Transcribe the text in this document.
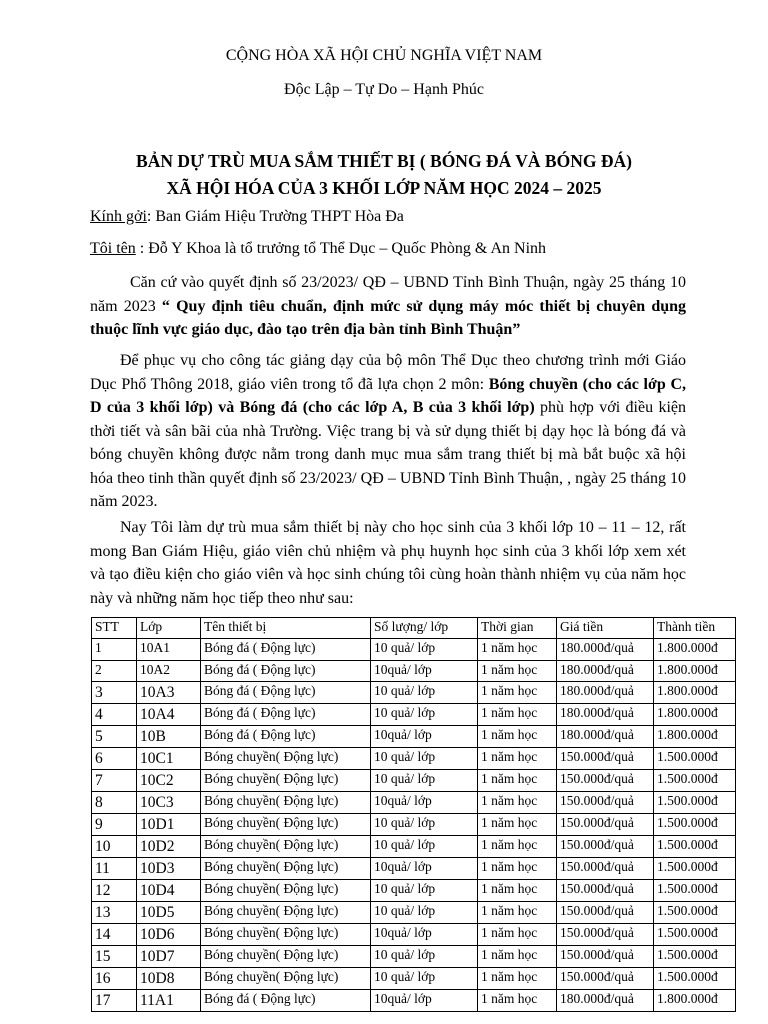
CỘNG HÒA XÃ HỘI CHỦ NGHĨA VIỆT NAM
Độc Lập – Tự Do – Hạnh Phúc
BẢN DỰ TRÙ MUA SẮM THIẾT BỊ ( BÓNG ĐÁ VÀ BÓNG ĐÁ)
XÃ HỘI HÓA CỦA 3 KHỐI LỚP NĂM HỌC 2024 – 2025
Kính gởi: Ban Giám Hiệu Trường THPT Hòa Đa
Tôi tên : Đỗ Y Khoa là tổ trưởng tổ Thể Dục – Quốc Phòng & An Ninh
Căn cứ vào quyết định số 23/2023/ QĐ – UBND Tỉnh Bình Thuận, ngày 25 tháng 10 năm 2023 “ Quy định tiêu chuẩn, định mức sử dụng máy móc thiết bị chuyên dụng thuộc lĩnh vực giáo dục, đào tạo trên địa bàn tỉnh Bình Thuận”
Để phục vụ cho công tác giảng dạy của bộ môn Thể Dục theo chương trình mới Giáo Dục Phổ Thông 2018, giáo viên trong tổ đã lựa chọn 2 môn: Bóng chuyền (cho các lớp C, D của 3 khối lớp) và Bóng đá (cho các lớp A, B của 3 khối lớp) phù hợp với điều kiện thời tiết và sân bãi của nhà Trường. Việc trang bị và sử dụng thiết bị dạy học là bóng đá và bóng chuyền không được nằm trong danh mục mua sắm trang thiết bị mà bắt buộc xã hội hóa theo tinh thần quyết định số 23/2023/ QĐ – UBND Tỉnh Bình Thuận, , ngày 25 tháng 10 năm 2023.
Nay Tôi làm dự trù mua sắm thiết bị này cho học sinh của 3 khối lớp 10 – 11 – 12, rất mong Ban Giám Hiệu, giáo viên chủ nhiệm và phụ huynh học sinh của 3 khối lớp xem xét và tạo điều kiện cho giáo viên và học sinh chúng tôi cùng hoàn thành nhiệm vụ của năm học này và những năm học tiếp theo như sau:
STT	Lớp	Tên thiết bị	Số lượng/ lớp	Thời gian	Giá tiền	Thành tiền
1	10A1	Bóng đá ( Động lực)	10 quả/ lớp	1 năm học	180.000đ/quả	1.800.000đ
2	10A2	Bóng đá ( Động lực)	10quả/ lớp	1 năm học	180.000đ/quả	1.800.000đ
3	10A3	Bóng đá ( Động lực)	10 quả/ lớp	1 năm học	180.000đ/quả	1.800.000đ
4	10A4	Bóng đá ( Động lực)	10 quả/ lớp	1 năm học	180.000đ/quả	1.800.000đ
5	10B	Bóng đá ( Động lực)	10quả/ lớp	1 năm học	180.000đ/quả	1.800.000đ
6	10C1	Bóng chuyền( Động lực)	10 quả/ lớp	1 năm học	150.000đ/quả	1.500.000đ
7	10C2	Bóng chuyền( Động lực)	10 quả/ lớp	1 năm học	150.000đ/quả	1.500.000đ
8	10C3	Bóng chuyền( Động lực)	10quả/ lớp	1 năm học	150.000đ/quả	1.500.000đ
9	10D1	Bóng chuyền( Động lực)	10 quả/ lớp	1 năm học	150.000đ/quả	1.500.000đ
10	10D2	Bóng chuyền( Động lực)	10 quả/ lớp	1 năm học	150.000đ/quả	1.500.000đ
11	10D3	Bóng chuyền( Động lực)	10quả/ lớp	1 năm học	150.000đ/quả	1.500.000đ
12	10D4	Bóng chuyền( Động lực)	10 quả/ lớp	1 năm học	150.000đ/quả	1.500.000đ
13	10D5	Bóng chuyền( Động lực)	10 quả/ lớp	1 năm học	150.000đ/quả	1.500.000đ
14	10D6	Bóng chuyền( Động lực)	10quả/ lớp	1 năm học	150.000đ/quả	1.500.000đ
15	10D7	Bóng chuyền( Động lực)	10 quả/ lớp	1 năm học	150.000đ/quả	1.500.000đ
16	10D8	Bóng chuyền( Động lực)	10 quả/ lớp	1 năm học	150.000đ/quả	1.500.000đ
17	11A1	Bóng đá ( Động lực)	10quả/ lớp	1 năm học	180.000đ/quả	1.800.000đ
